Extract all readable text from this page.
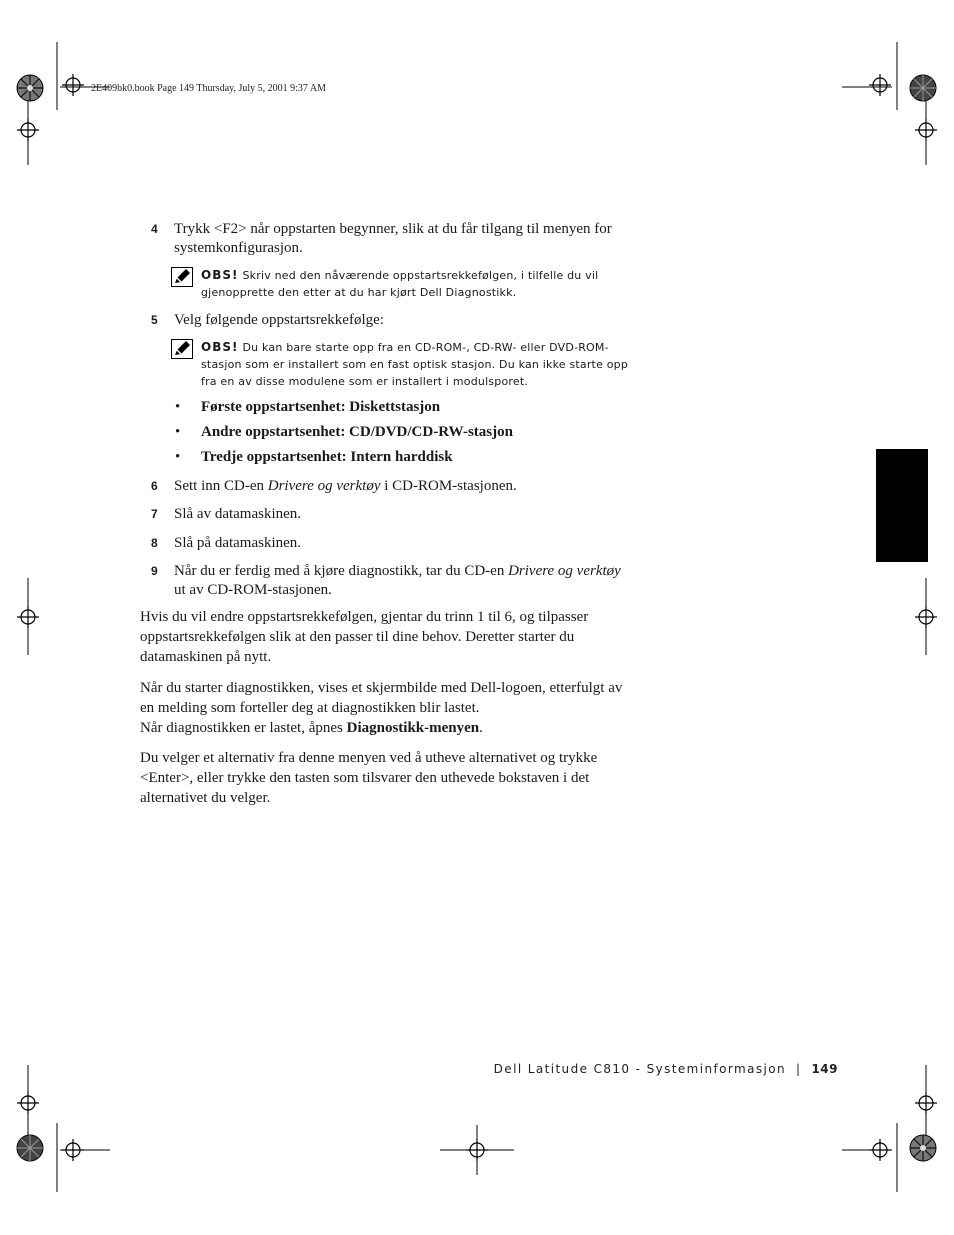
2E409bk0.book Page 149 Thursday, July 5, 2001 9:37 AM
4	Trykk <F2> når oppstarten begynner, slik at du får tilgang til menyen for systemkonfigurasjon.
OBS! Skriv ned den nåværende oppstartsrekkefølgen, i tilfelle du vil gjenopprette den etter at du har kjørt Dell Diagnostikk.
5	Velg følgende oppstartsrekkefølge:
OBS! Du kan bare starte opp fra en CD-ROM-, CD-RW- eller DVD-ROM-stasjon som er installert som en fast optisk stasjon. Du kan ikke starte opp fra en av disse modulene som er installert i modulsporet.
•	Første oppstartsenhet: Diskettstasjon
•	Andre oppstartsenhet: CD/DVD/CD-RW-stasjon
•	Tredje oppstartsenhet: Intern harddisk
6	Sett inn CD-en Drivere og verktøy i CD-ROM-stasjonen.
7	Slå av datamaskinen.
8	Slå på datamaskinen.
9	Når du er ferdig med å kjøre diagnostikk, tar du CD-en Drivere og verktøy ut av CD-ROM-stasjonen.
Hvis du vil endre oppstartsrekkefølgen, gjentar du trinn 1 til 6, og tilpasser oppstartsrekkefølgen slik at den passer til dine behov. Deretter starter du datamaskinen på nytt.
Når du starter diagnostikken, vises et skjermbilde med Dell-logoen, etterfulgt av en melding som forteller deg at diagnostikken blir lastet.
Når diagnostikken er lastet, åpnes Diagnostikk-menyen.
Du velger et alternativ fra denne menyen ved å utheve alternativet og trykke <Enter>, eller trykke den tasten som tilsvarer den uthevede bokstaven i det alternativet du velger.
Dell Latitude C810 - Systeminformasjon | 149
